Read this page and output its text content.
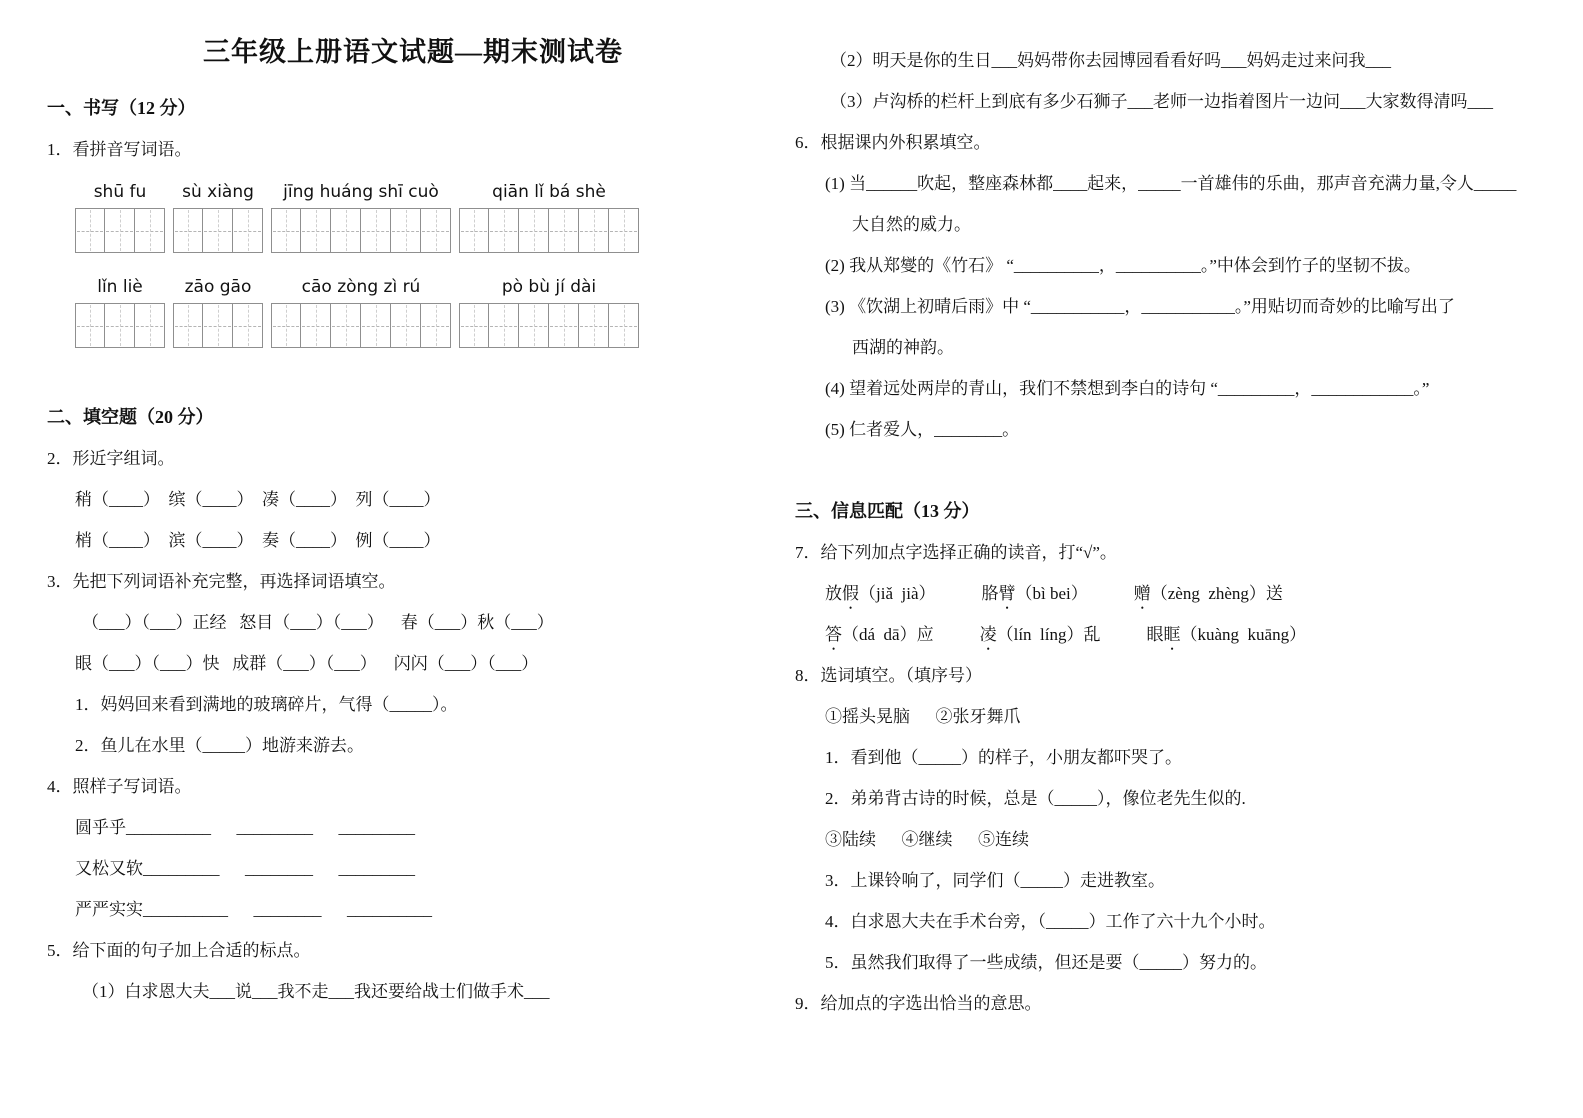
三年级上册语文试题—期末测试卷
一、书写（12 分）
1．看拼音写词语。
shū fu	sù xiàng	jīng huáng shī cuò	qiān lǐ bá shè
lǐn liè	zāo gāo	cāo zòng zì rú	pò bù jí dài
二、填空题（20 分）
2．形近字组词。
稍（____）  缤（____）  凑（____）  列（____）
梢（____）  滨（____）  奏（____）  例（____）
3．先把下列词语补充完整，再选择词语填空。
（___）（___）正经   怒目（___）（___）    春（___）秋（___）
眼（___）（___）快   成群（___）（___）    闪闪（___）（___）
1．妈妈回来看到满地的玻璃碎片，气得（_____）。
2．鱼儿在水里（_____）地游来游去。
4．照样子写词语。
圆乎乎__________      _________      _________
又松又软_________      ________      _________
严严实实__________      ________      __________
5．给下面的句子加上合适的标点。
（1）白求恩大夫___说___我不走___我还要给战士们做手术___
（2）明天是你的生日___妈妈带你去园博园看看好吗___妈妈走过来问我___
（3）卢沟桥的栏杆上到底有多少石狮子___老师一边指着图片一边问___大家数得清吗___
6．根据课内外积累填空。
(1) 当______吹起，整座森林都____起来，_____一首雄伟的乐曲，那声音充满力量,令人_____
大自然的威力。
(2) 我从郑燮的《竹石》 “__________，__________。”中体会到竹子的坚韧不拔。
(3) 《饮湖上初晴后雨》中 “___________，___________。”用贴切而奇妙的比喻写出了
西湖的神韵。
(4) 望着远处两岸的青山，我们不禁想到李白的诗句 “_________，____________。”
(5) 仁者爱人，________。
三、信息匹配（13 分）
7．给下列加点字选择正确的读音，打“√”。
放假（jiǎ  jià）	胳臂（bì bei）	赠（zèng  zhèng）送
答（dá  dā）应	凌（lín  líng）乱	眼眶（kuàng  kuāng）
8．选词填空。（填序号）
①摇头晃脑      ②张牙舞爪
1．看到他（_____）的样子，小朋友都吓哭了。
2．弟弟背古诗的时候，总是（_____），像位老先生似的.
③陆续      ④继续      ⑤连续
3．上课铃响了，同学们（_____）走进教室。
4．白求恩大夫在手术台旁，（_____）工作了六十九个小时。
5．虽然我们取得了一些成绩，但还是要（_____）努力的。
9．给加点的字选出恰当的意思。
